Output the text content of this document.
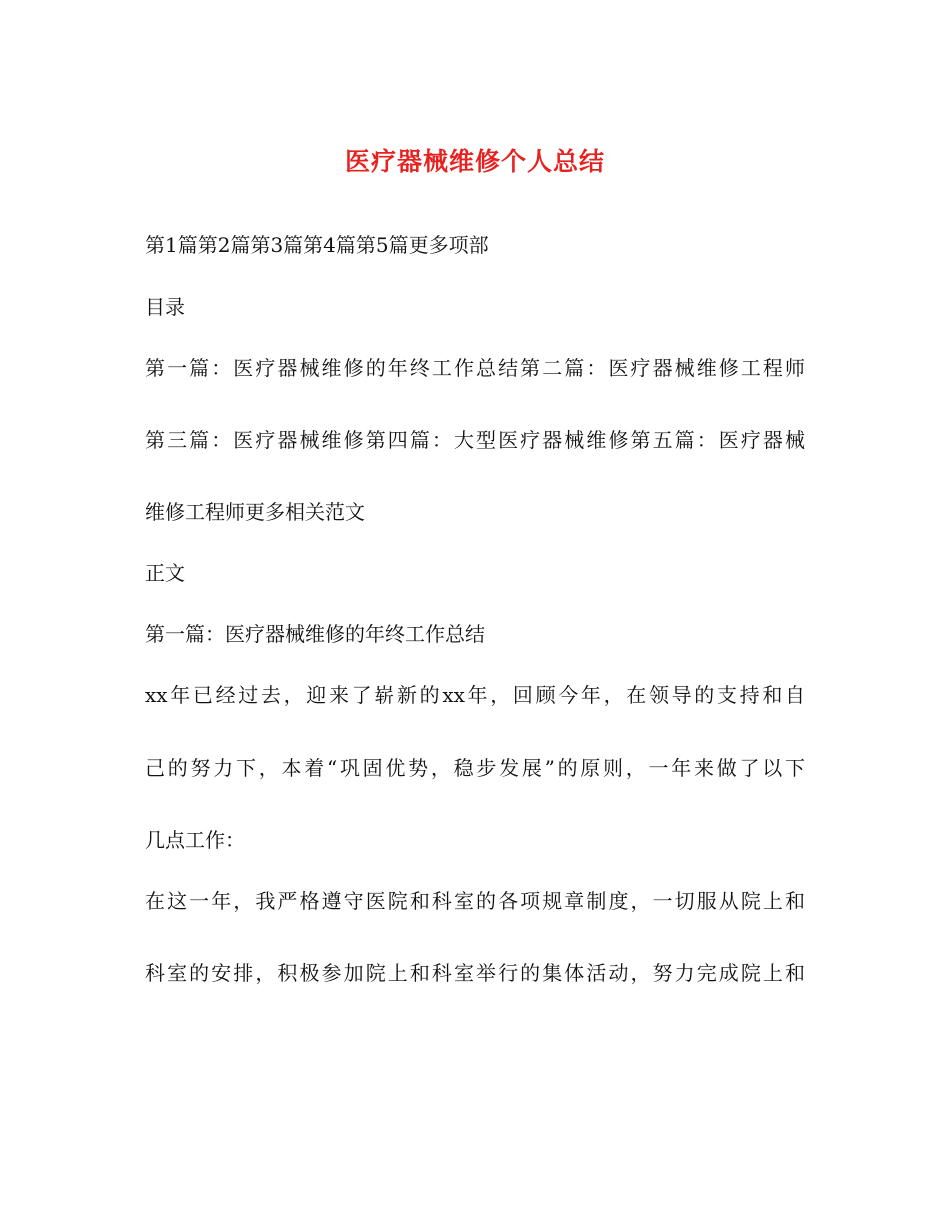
医疗器械维修个人总结
第1篇第2篇第3篇第4篇第5篇更多项部
目录
第一篇：医疗器械维修的年终工作总结第二篇：医疗器械维修工程师
第三篇：医疗器械维修第四篇：大型医疗器械维修第五篇：医疗器械
维修工程师更多相关范文
正文
第一篇：医疗器械维修的年终工作总结
xx年已经过去，迎来了崭新的xx年，回顾今年，在领导的支持和自
己的努力下，本着“巩固优势，稳步发展”的原则，一年来做了以下
几点工作：
在这一年，我严格遵守医院和科室的各项规章制度，一切服从院上和
科室的安排，积极参加院上和科室举行的集体活动，努力完成院上和
